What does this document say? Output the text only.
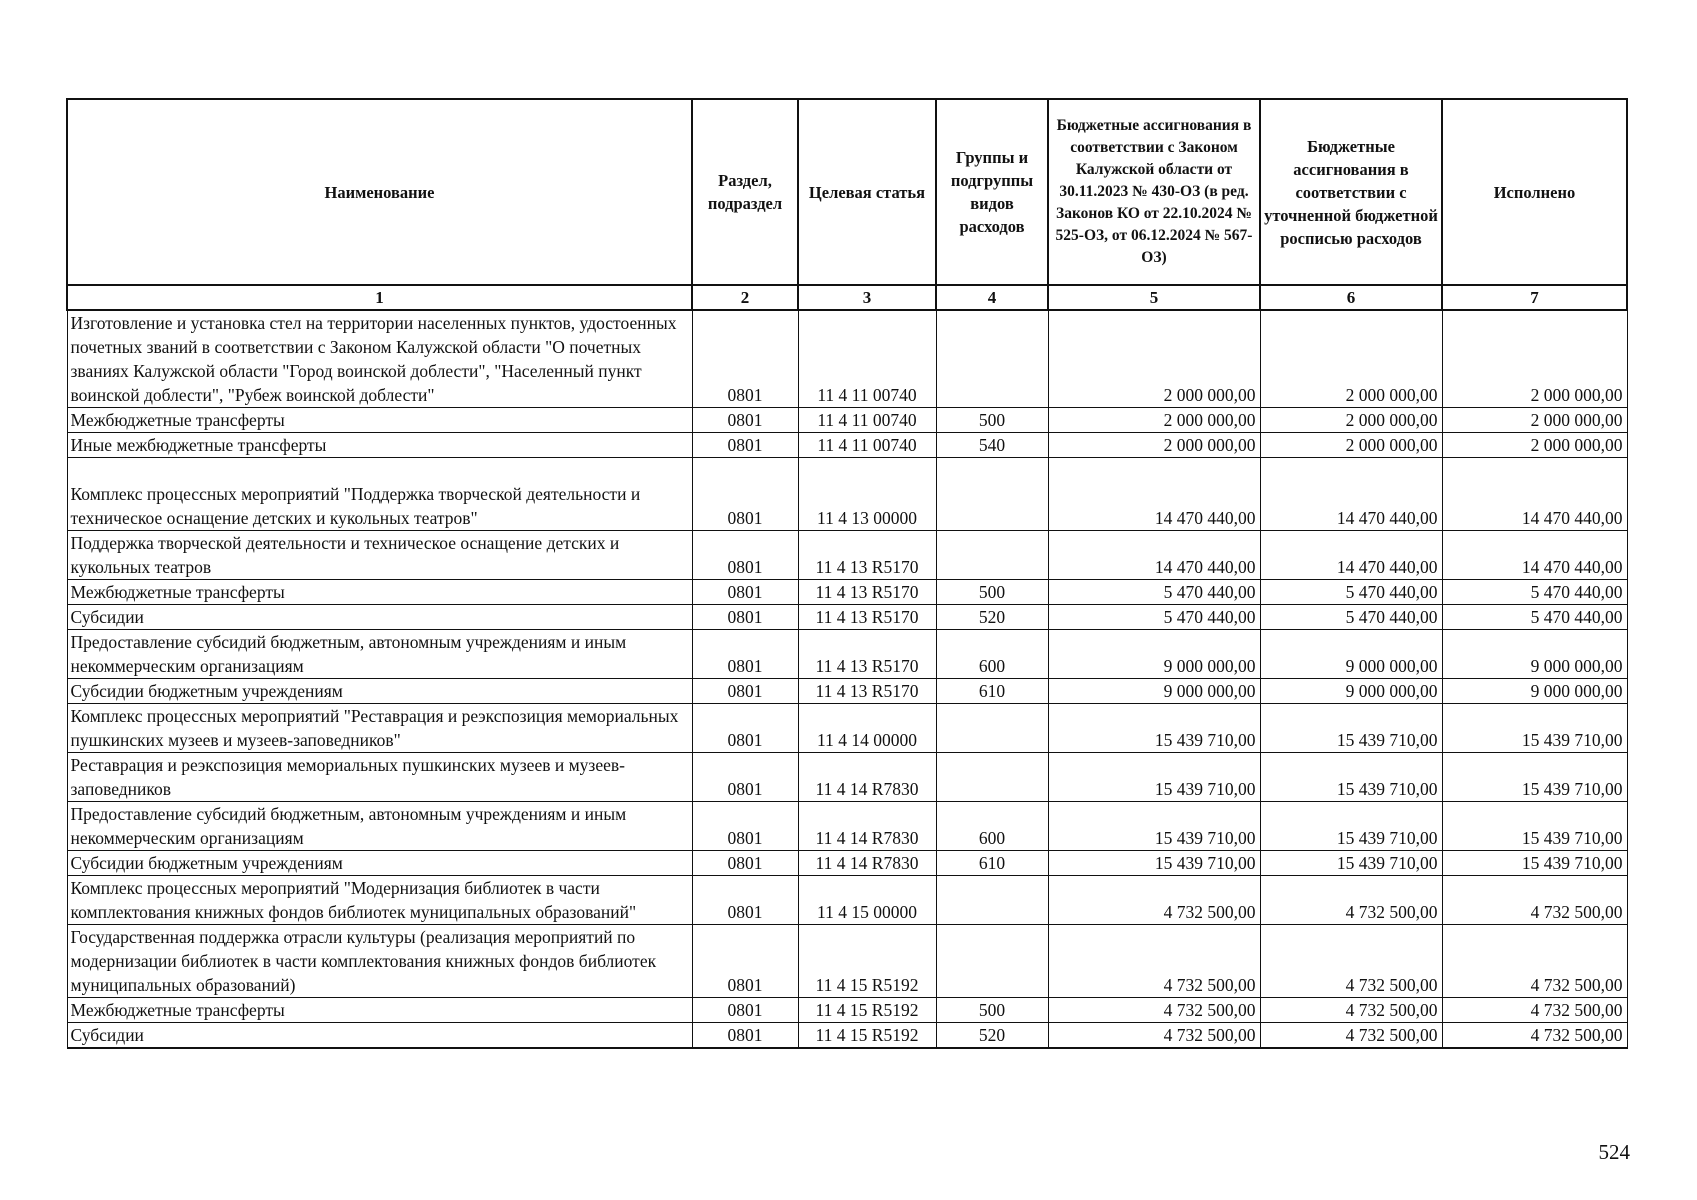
Наименование	Раздел, подраздел	Целевая статья	Группы и подгруппы видов расходов	Бюджетные ассигнования в соответствии с Законом Калужской области от 30.11.2023 № 430-ОЗ (в ред. Законов КО от 22.10.2024 № 525-ОЗ, от 06.12.2024 № 567-ОЗ)	Бюджетные ассигнования в соответствии с уточненной бюджетной росписью расходов	Исполнено
1	2	3	4	5	6	7
Изготовление и установка стел на территории населенных пунктов, удостоенных почетных званий в соответствии с Законом Калужской области "О почетных званиях Калужской области "Город воинской доблести", "Населенный пункт воинской доблести", "Рубеж воинской доблести"	0801	11 4 11 00740		2 000 000,00	2 000 000,00	2 000 000,00
Межбюджетные трансферты	0801	11 4 11 00740	500	2 000 000,00	2 000 000,00	2 000 000,00
Иные межбюджетные трансферты	0801	11 4 11 00740	540	2 000 000,00	2 000 000,00	2 000 000,00
Комплекс процессных мероприятий "Поддержка творческой деятельности и техническое оснащение детских и кукольных театров"	0801	11 4 13 00000		14 470 440,00	14 470 440,00	14 470 440,00
Поддержка творческой деятельности и техническое оснащение детских и кукольных театров	0801	11 4 13 R5170		14 470 440,00	14 470 440,00	14 470 440,00
Межбюджетные трансферты	0801	11 4 13 R5170	500	5 470 440,00	5 470 440,00	5 470 440,00
Субсидии	0801	11 4 13 R5170	520	5 470 440,00	5 470 440,00	5 470 440,00
Предоставление субсидий бюджетным, автономным учреждениям и иным некоммерческим организациям	0801	11 4 13 R5170	600	9 000 000,00	9 000 000,00	9 000 000,00
Субсидии бюджетным учреждениям	0801	11 4 13 R5170	610	9 000 000,00	9 000 000,00	9 000 000,00
Комплекс процессных мероприятий "Реставрация и реэкспозиция мемориальных пушкинских музеев и музеев-заповедников"	0801	11 4 14 00000		15 439 710,00	15 439 710,00	15 439 710,00
Реставрация и реэкспозиция мемориальных пушкинских музеев и музеев-заповедников	0801	11 4 14 R7830		15 439 710,00	15 439 710,00	15 439 710,00
Предоставление субсидий бюджетным, автономным учреждениям и иным некоммерческим организациям	0801	11 4 14 R7830	600	15 439 710,00	15 439 710,00	15 439 710,00
Субсидии бюджетным учреждениям	0801	11 4 14 R7830	610	15 439 710,00	15 439 710,00	15 439 710,00
Комплекс процессных мероприятий "Модернизация библиотек в части комплектования книжных фондов библиотек муниципальных образований"	0801	11 4 15 00000		4 732 500,00	4 732 500,00	4 732 500,00
Государственная поддержка отрасли культуры (реализация мероприятий по модернизации библиотек в части комплектования книжных фондов библиотек муниципальных образований)	0801	11 4 15 R5192		4 732 500,00	4 732 500,00	4 732 500,00
Межбюджетные трансферты	0801	11 4 15 R5192	500	4 732 500,00	4 732 500,00	4 732 500,00
Субсидии	0801	11 4 15 R5192	520	4 732 500,00	4 732 500,00	4 732 500,00

524
